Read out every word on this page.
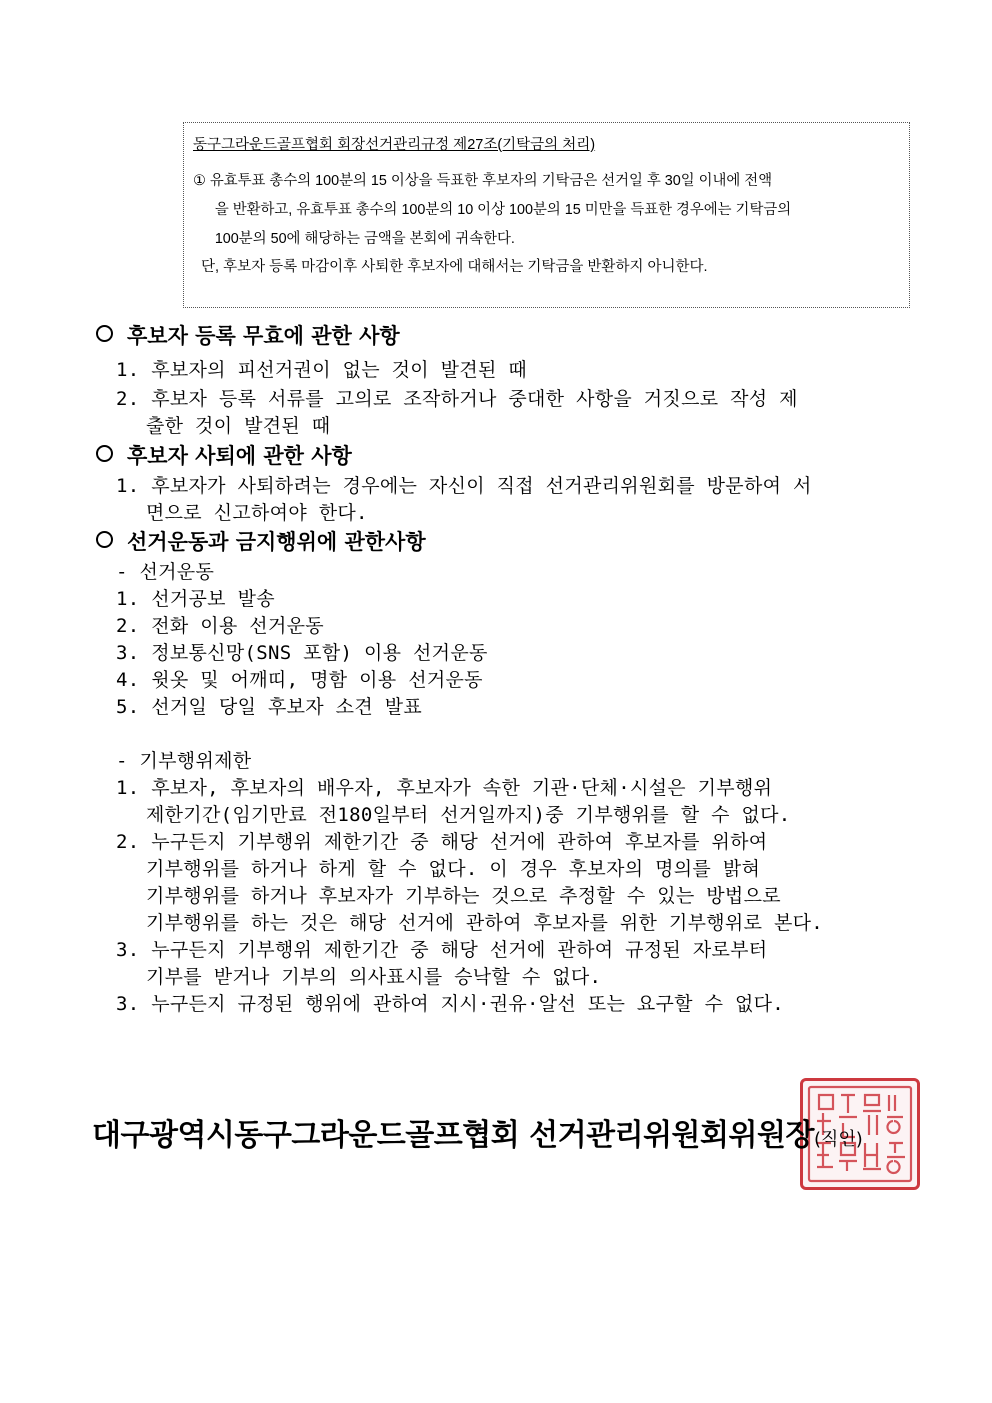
동구그라운드골프협회 회장선거관리규정 제27조(기탁금의 처리)
① 유효투표 총수의 100분의 15 이상을 득표한 후보자의 기탁금은 선거일 후 30일 이내에 전액
을 반환하고, 유효투표 총수의 100분의 10 이상 100분의 15 미만을 득표한 경우에는 기탁금의
100분의 50에 해당하는 금액을 본회에 귀속한다.
단, 후보자 등록 마감이후 사퇴한 후보자에 대해서는 기탁금을 반환하지 아니한다.
후보자 등록 무효에 관한 사항
1. 후보자의 피선거권이 없는 것이 발견된 때
2. 후보자 등록 서류를 고의로 조작하거나 중대한 사항을 거짓으로 작성 제
출한 것이 발견된 때
후보자 사퇴에 관한 사항
1. 후보자가 사퇴하려는 경우에는 자신이 직접 선거관리위원회를 방문하여 서
면으로 신고하여야 한다.
선거운동과 금지행위에 관한사항
- 선거운동
1. 선거공보 발송
2. 전화 이용 선거운동
3. 정보통신망(SNS 포함) 이용 선거운동
4. 윗옷 및 어깨띠, 명함 이용 선거운동
5. 선거일 당일 후보자 소견 발표
- 기부행위제한
1. 후보자, 후보자의 배우자, 후보자가 속한 기관·단체·시설은 기부행위
제한기간(임기만료 전180일부터 선거일까지)중 기부행위를 할 수 없다.
2. 누구든지 기부행위 제한기간 중 해당 선거에 관하여 후보자를 위하여
기부행위를 하거나 하게 할 수 없다. 이 경우 후보자의 명의를 밝혀
기부행위를 하거나 후보자가 기부하는 것으로 추정할 수 있는 방법으로
기부행위를 하는 것은 해당 선거에 관하여 후보자를 위한 기부행위로 본다.
3. 누구든지 기부행위 제한기간 중 해당 선거에 관하여 규정된 자로부터
기부를 받거나 기부의 의사표시를 승낙할 수 없다.
3. 누구든지 규정된 행위에 관하여 지시·권유·알선 또는 요구할 수 없다.
대구광역시동구그라운드골프협회 선거관리위원회위원장(직인)
